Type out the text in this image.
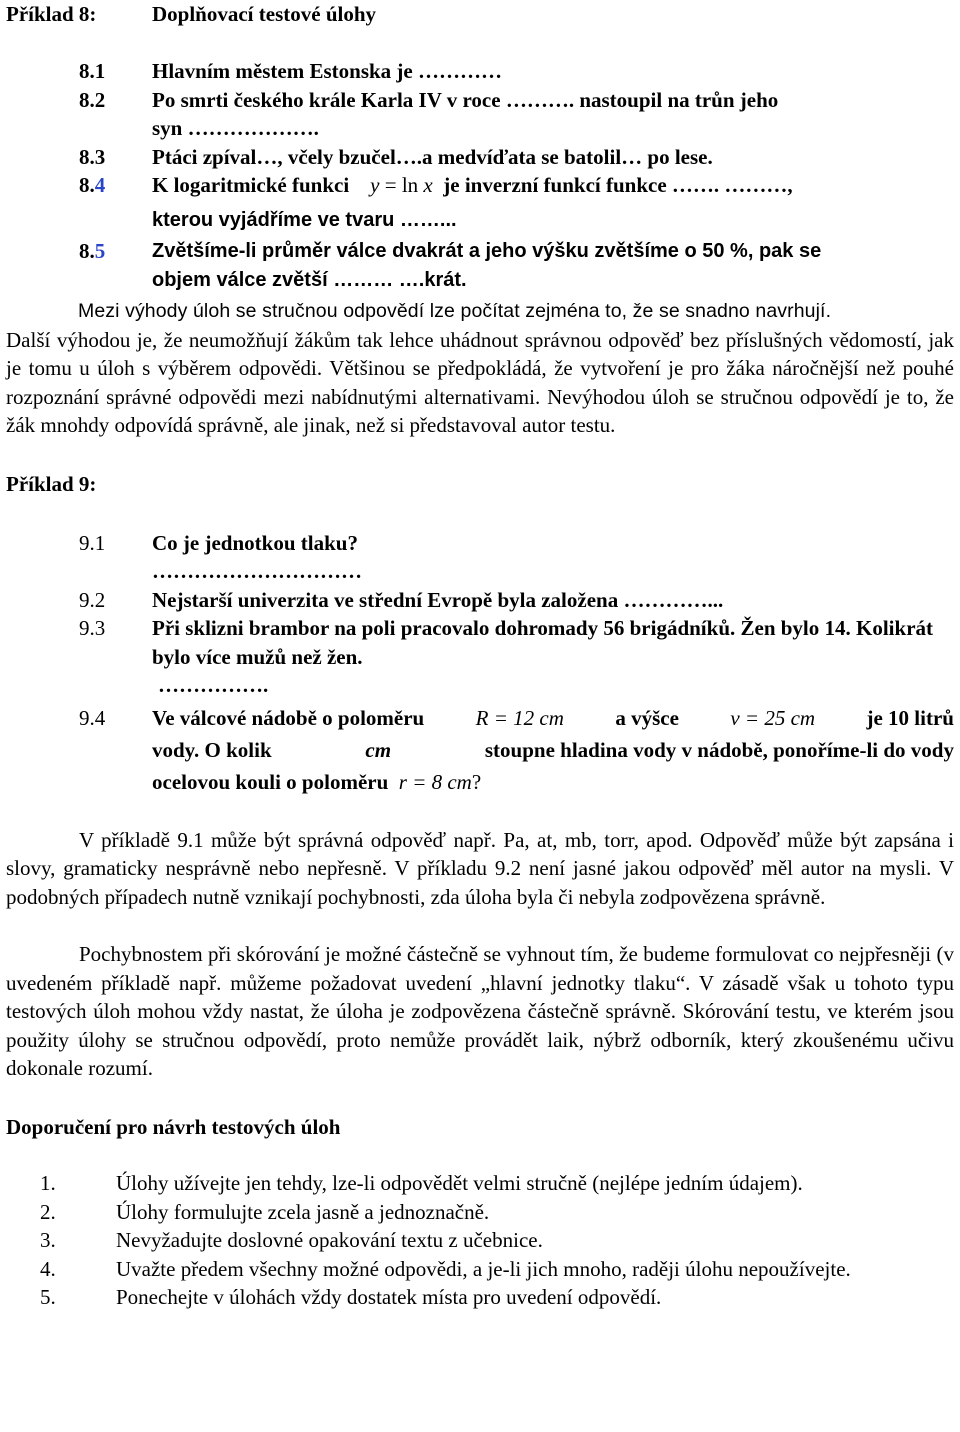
Příklad 8:	Doplňovací testové úlohy
8.1 Hlavním městem Estonska je …………
8.2 Po smrti českého krále Karla IV v roce ………. nastoupil na trůn jeho
syn ……………….
8.3 Ptáci zpíval…, včely bzučel….a medvíďata se batolil… po lese.
8.4 K logaritmické funkci y = ln x je inverzní funkcí funkce ……. ………,
kterou vyjádříme ve tvaru ……...
8.5 Zvětšíme-li průměr válce dvakrát a jeho výšku zvětšíme o 50 %, pak se
objem válce zvětší ……… ….krát.
Mezi výhody úloh se stručnou odpovědí lze počítat zejména to, že se snadno navrhují.
Další výhodou je, že neumožňují žákům tak lehce uhádnout správnou odpověď bez příslušných vědomostí, jak je tomu u úloh s výběrem odpovědi. Většinou se předpokládá, že vytvoření je pro žáka náročnější než pouhé rozpoznání správné odpovědi mezi nabídnutými alternativami. Nevýhodou úloh se stručnou odpovědí je to, že žák mnohdy odpovídá správně, ale jinak, než si představoval autor testu.
Příklad 9:
9.1 Co je jednotkou tlaku?
…………………………
9.2 Nejstarší univerzita ve střední Evropě byla založena …………...
9.3 Při sklizni brambor na poli pracovalo dohromady 56 brigádníků. Žen bylo 14. Kolikrát bylo více mužů než žen.
…………….
9.4 Ve válcové nádobě o poloměru R = 12 cm a výšce v = 25 cm je 10 litrů
vody. O kolik	cm	stoupne hladina vody v nádobě, ponoříme-li do vody
ocelovou kouli o poloměru r = 8 cm?
V příkladě 9.1 může být správná odpověď např. Pa, at, mb, torr, apod. Odpověď může být zapsána i slovy, gramaticky nesprávně nebo nepřesně. V příkladu 9.2 není jasné jakou odpověď měl autor na mysli. V podobných případech nutně vznikají pochybnosti, zda úloha byla či nebyla zodpovězena správně.
Pochybnostem při skórování je možné částečně se vyhnout tím, že budeme formulovat co nejpřesněji (v uvedeném příkladě např. můžeme požadovat uvedení „hlavní jednotky tlaku“. V zásadě však u tohoto typu testových úloh mohou vždy nastat, že úloha je zodpovězena částečně správně. Skórování testu, ve kterém jsou použity úlohy se stručnou odpovědí, proto nemůže provádět laik, nýbrž odborník, který zkoušenému učivu dokonale rozumí.
Doporučení pro návrh testových úloh
1.	Úlohy užívejte jen tehdy, lze-li odpovědět velmi stručně (nejlépe jedním údajem).
2.	Úlohy formulujte zcela jasně a jednoznačně.
3.	Nevyžadujte doslovné opakování textu z učebnice.
4.	Uvažte předem všechny možné odpovědi, a je-li jich mnoho, raději úlohu nepoužívejte.
5.	Ponechejte v úlohách vždy dostatek místa pro uvedení odpovědí.
